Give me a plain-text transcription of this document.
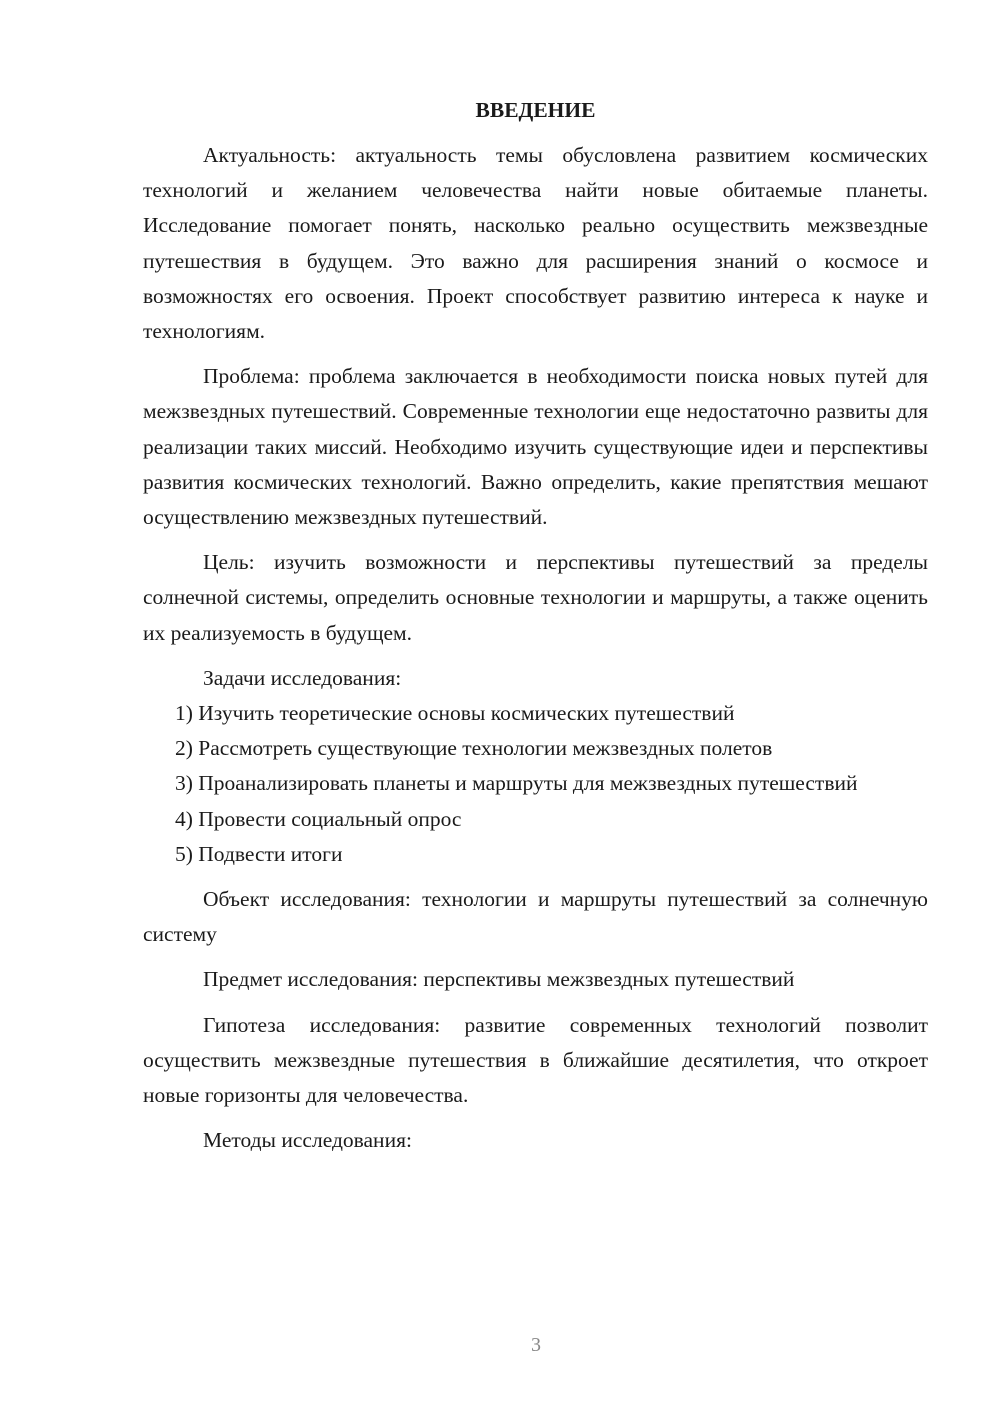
ВВЕДЕНИЕ

Актуальность: актуальность темы обусловлена развитием космических технологий и желанием человечества найти новые обитаемые планеты. Исследование помогает понять, насколько реально осуществить межзвездные путешествия в будущем. Это важно для расширения знаний о космосе и возможностях его освоения. Проект способствует развитию интереса к науке и технологиям.

Проблема: проблема заключается в необходимости поиска новых путей для межзвездных путешествий. Современные технологии еще недостаточно развиты для реализации таких миссий. Необходимо изучить существующие идеи и перспективы развития космических технологий. Важно определить, какие препятствия мешают осуществлению межзвездных путешествий.

Цель: изучить возможности и перспективы путешествий за пределы солнечной системы, определить основные технологии и маршруты, а также оценить их реализуемость в будущем.

Задачи исследования:

1) Изучить теоретические основы космических путешествий

2) Рассмотреть существующие технологии межзвездных полетов

3) Проанализировать планеты и маршруты для межзвездных путешествий

4) Провести социальный опрос

5) Подвести итоги

Объект исследования: технологии и маршруты путешествий за солнечную систему

Предмет исследования: перспективы межзвездных путешествий

Гипотеза исследования: развитие современных технологий позволит осуществить межзвездные путешествия в ближайшие десятилетия, что откроет новые горизонты для человечества.

Методы исследования:

3
